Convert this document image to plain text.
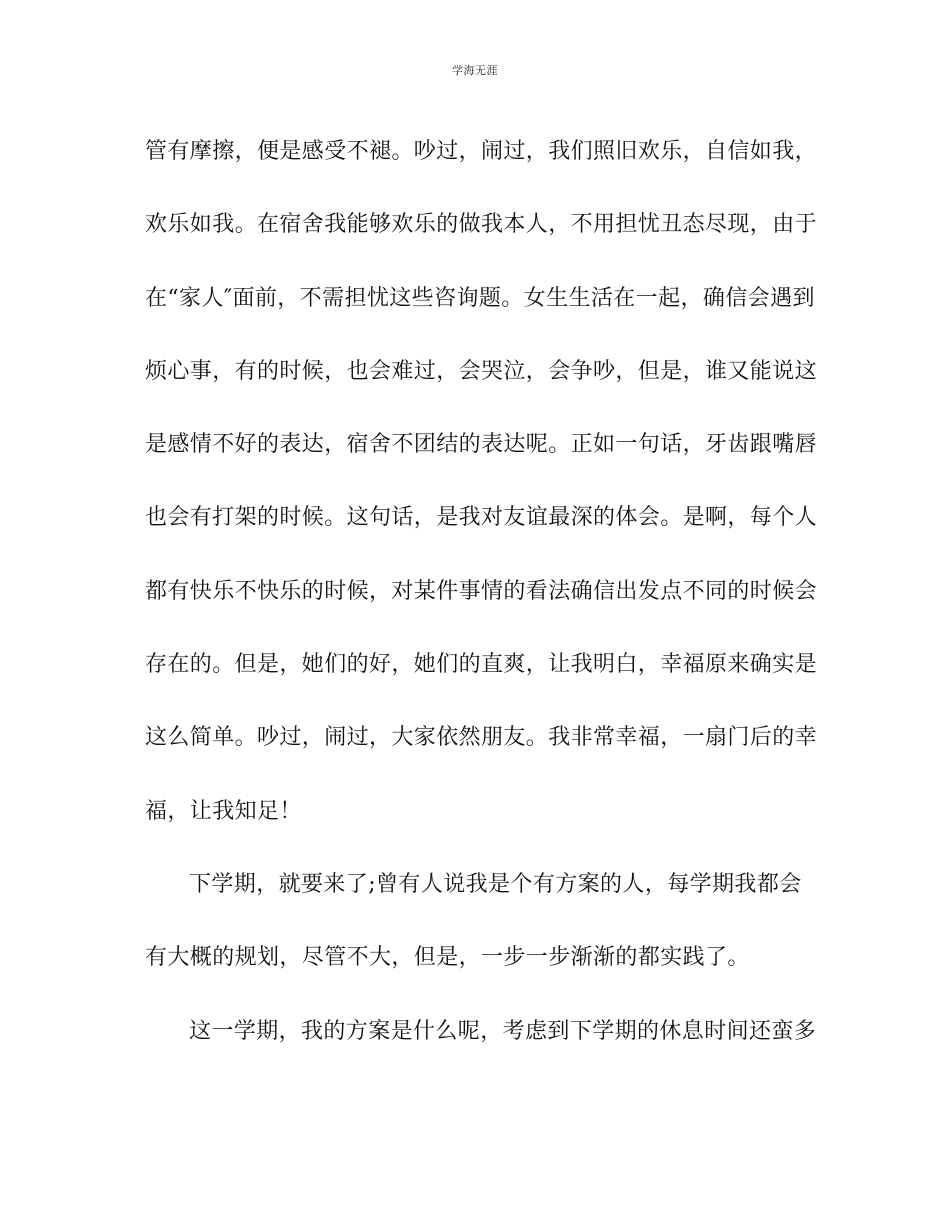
学海无涯
管有摩擦，便是感受不褪。吵过，闹过，我们照旧欢乐，自信如我，
欢乐如我。在宿舍我能够欢乐的做我本人，不用担忧丑态尽现，由于
在“家人″面前，不需担忧这些咨询题。女生生活在一起，确信会遇到
烦心事，有的时候，也会难过，会哭泣，会争吵，但是，谁又能说这
是感情不好的表达，宿舍不团结的表达呢。正如一句话，牙齿跟嘴唇
也会有打架的时候。这句话，是我对友谊最深的体会。是啊，每个人
都有快乐不快乐的时候，对某件事情的看法确信出发点不同的时候会
存在的。但是，她们的好，她们的直爽，让我明白，幸福原来确实是
这么简单。吵过，闹过，大家依然朋友。我非常幸福，一扇门后的幸
福，让我知足！
下学期，就要来了;曾有人说我是个有方案的人，每学期我都会
有大概的规划，尽管不大，但是，一步一步渐渐的都实践了。
这一学期，我的方案是什么呢，考虑到下学期的休息时间还蛮多
